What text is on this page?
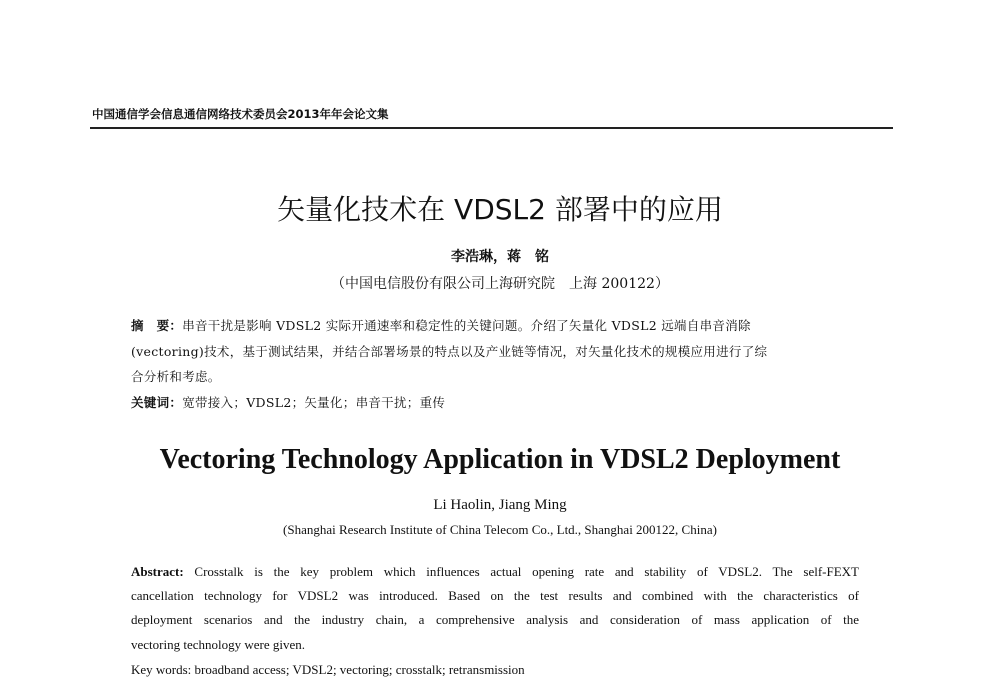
中国通信学会信息通信网络技术委员会2013年年会论文集
矢量化技术在 VDSL2 部署中的应用
李浩琳，蒋　铭
（中国电信股份有限公司上海研究院　上海 200122）
摘　要：串音干扰是影响 VDSL2 实际开通速率和稳定性的关键问题。介绍了矢量化 VDSL2 远端自串音消除
(vectoring)技术，基于测试结果，并结合部署场景的特点以及产业链等情况，对矢量化技术的规模应用进行了综
合分析和考虑。
关键词：宽带接入；VDSL2；矢量化；串音干扰；重传
Vectoring Technology Application in VDSL2 Deployment
Li Haolin, Jiang Ming
(Shanghai Research Institute of China Telecom Co., Ltd., Shanghai 200122, China)
Abstract: Crosstalk is the key problem which influences actual opening rate and stability of VDSL2. The self-FEXT
cancellation technology for VDSL2 was introduced. Based on the test results and combined with the characteristics of
deployment scenarios and the industry chain, a comprehensive analysis and consideration of mass application of the
vectoring technology were given.
Key words: broadband access; VDSL2; vectoring; crosstalk; retransmission
